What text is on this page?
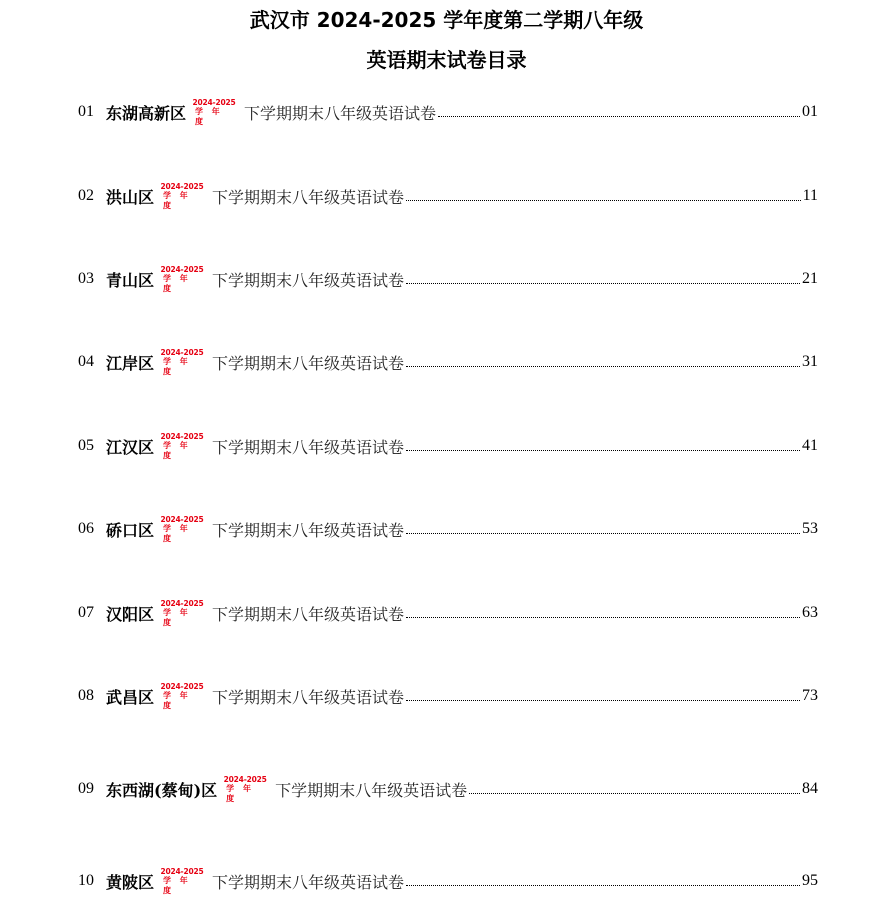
武汉市 2024-2025 学年度第二学期八年级
英语期末试卷目录
01 东湖高新区
2024-2025
学 年 度	下学期期末八年级英语试卷	01
02 洪山区
2024-2025
学 年 度	下学期期末八年级英语试卷	11
03 青山区
2024-2025
学 年 度	下学期期末八年级英语试卷	21
04 江岸区
2024-2025
学 年 度	下学期期末八年级英语试卷	31
05 江汉区
2024-2025
学 年 度	下学期期末八年级英语试卷	41
06 硚口区
2024-2025
学 年 度	下学期期末八年级英语试卷	53
07 汉阳区
2024-2025
学 年 度	下学期期末八年级英语试卷	63
08 武昌区
2024-2025
学 年 度	下学期期末八年级英语试卷	73
09 东西湖(蔡甸)区
2024-2025
学 年 度	下学期期末八年级英语试卷	84
10 黄陂区
2024-2025
学 年 度	下学期期末八年级英语试卷	95
